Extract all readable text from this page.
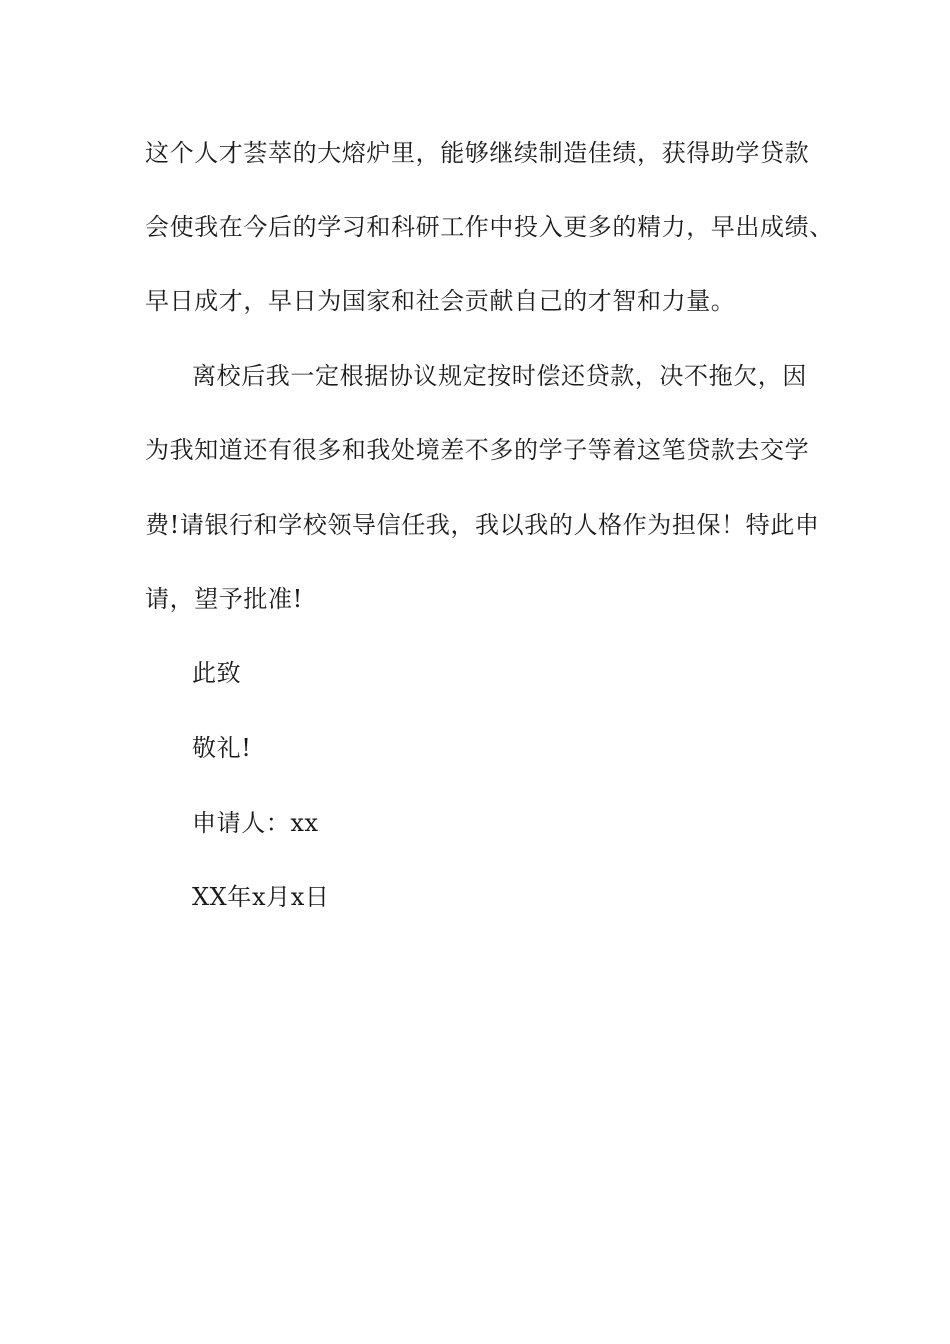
这个人才荟萃的大熔炉里，能够继续制造佳绩，获得助学贷款
会使我在今后的学习和科研工作中投入更多的精力，早出成绩、
早日成才，早日为国家和社会贡献自己的才智和力量。
离校后我一定根据协议规定按时偿还贷款，决不拖欠，因
为我知道还有很多和我处境差不多的学子等着这笔贷款去交学
费!请银行和学校领导信任我，我以我的人格作为担保！特此申
请，望予批准!
此致
敬礼!
申请人：xx
XX年x月x日
